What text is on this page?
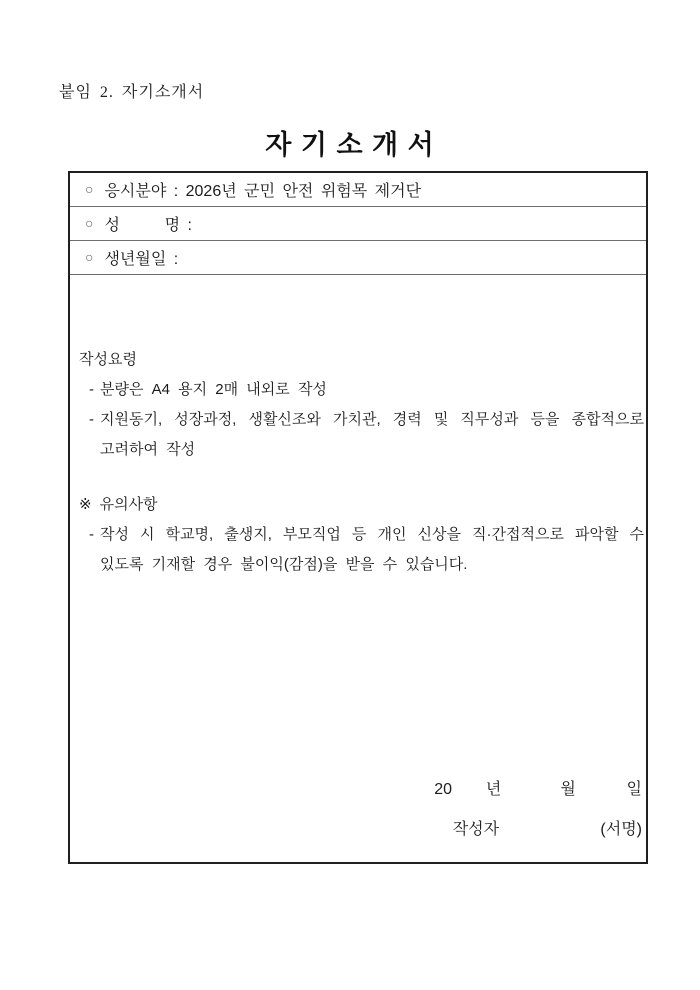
붙임 2. 자기소개서
자 기 소 개 서
○ 응시분야 : 2026년 군민 안전 위험목 제거단
○ 성      명 :
○ 생년월일 :
작성요령
- 분량은 A4 용지 2매 내외로 작성
- 지원동기, 성장과정, 생활신조와 가치관, 경력 및 직무성과 등을 종합적으로
고려하여 작성
※ 유의사항
- 작성 시 학교명, 출생지, 부모직업 등 개인 신상을 직·간접적으로 파악할 수
있도록 기재할 경우 불이익(감점)을 받을 수 있습니다.
20    년       월      일
작성자            (서명)
